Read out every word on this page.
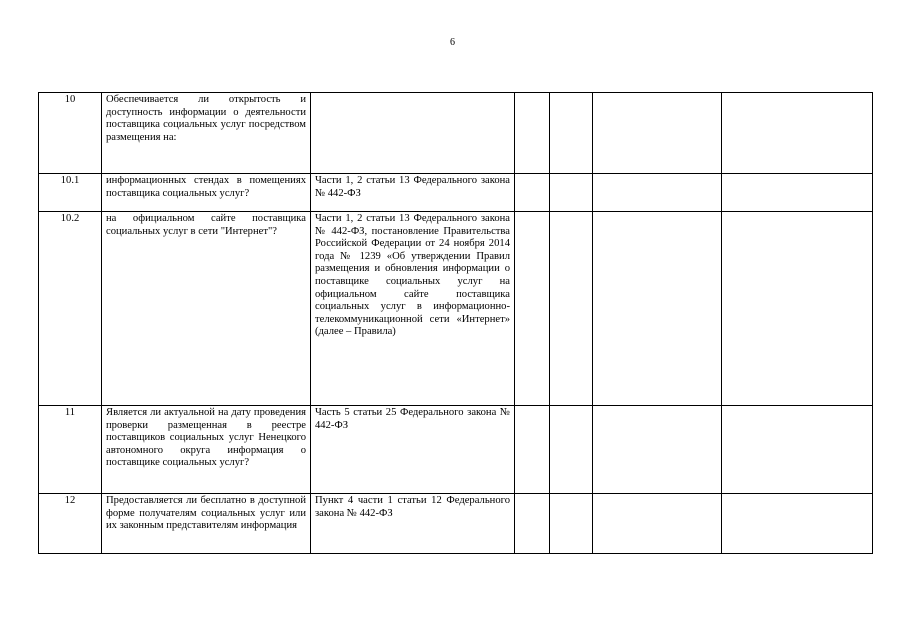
6
10	Обеспечивается ли открытость и доступность информации о деятельности поставщика социальных услуг посредством размещения на:					
10.1	информационных стендах в помещениях поставщика социальных услуг?	Части 1, 2 статьи 13 Федерального закона № 442-ФЗ				
10.2	на официальном сайте поставщика социальных услуг в сети "Интернет"?	Части 1, 2 статьи 13 Федерального закона № 442-ФЗ, постановление Правительства Российской Федерации от 24 ноября 2014 года № 1239 «Об утверждении Правил размещения и обновления информации о поставщике социальных услуг на официальном сайте поставщика социальных услуг в информационно-телекоммуникационной сети «Интернет» (далее – Правила)				
11	Является ли актуальной на дату проведения проверки размещенная в реестре поставщиков социальных услуг Ненецкого автономного округа информация о поставщике социальных услуг?	Часть 5 статьи 25 Федерального закона № 442-ФЗ				
12	Предоставляется ли бесплатно в доступной форме получателям социальных услуг или их законным представителям информация	Пункт 4 части 1 статьи 12 Федерального закона № 442-ФЗ				
